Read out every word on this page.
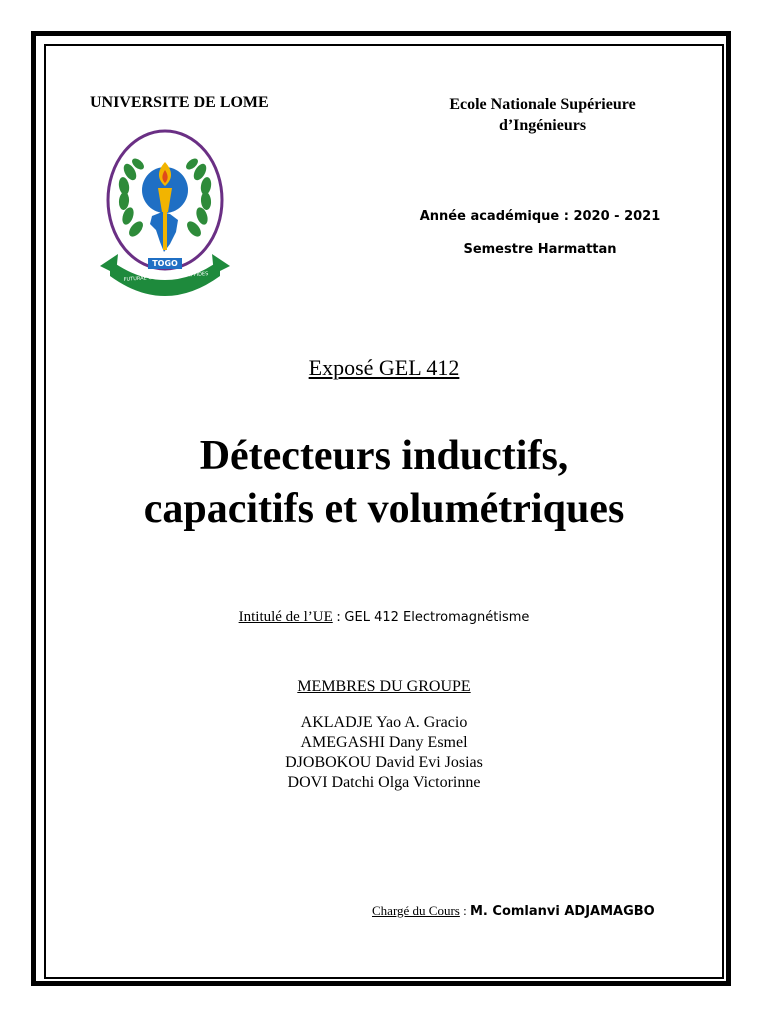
UNIVERSITE DE LOME	Ecole Nationale Supérieure
d’Ingénieurs
Année académique : 2020 - 2021
Semestre Harmattan
TOGO
FUTURAE GENERIS HUMANI FIDES
Exposé GEL 412
Détecteurs inductifs,
capacitifs et volumétriques
Intitulé de l’UE : GEL 412 Electromagnétisme
MEMBRES DU GROUPE
AKLADJE Yao A. Gracio
AMEGASHI Dany Esmel
DJOBOKOU David Evi Josias
DOVI Datchi Olga Victorinne
Chargé du Cours : M. Comlanvi ADJAMAGBO
